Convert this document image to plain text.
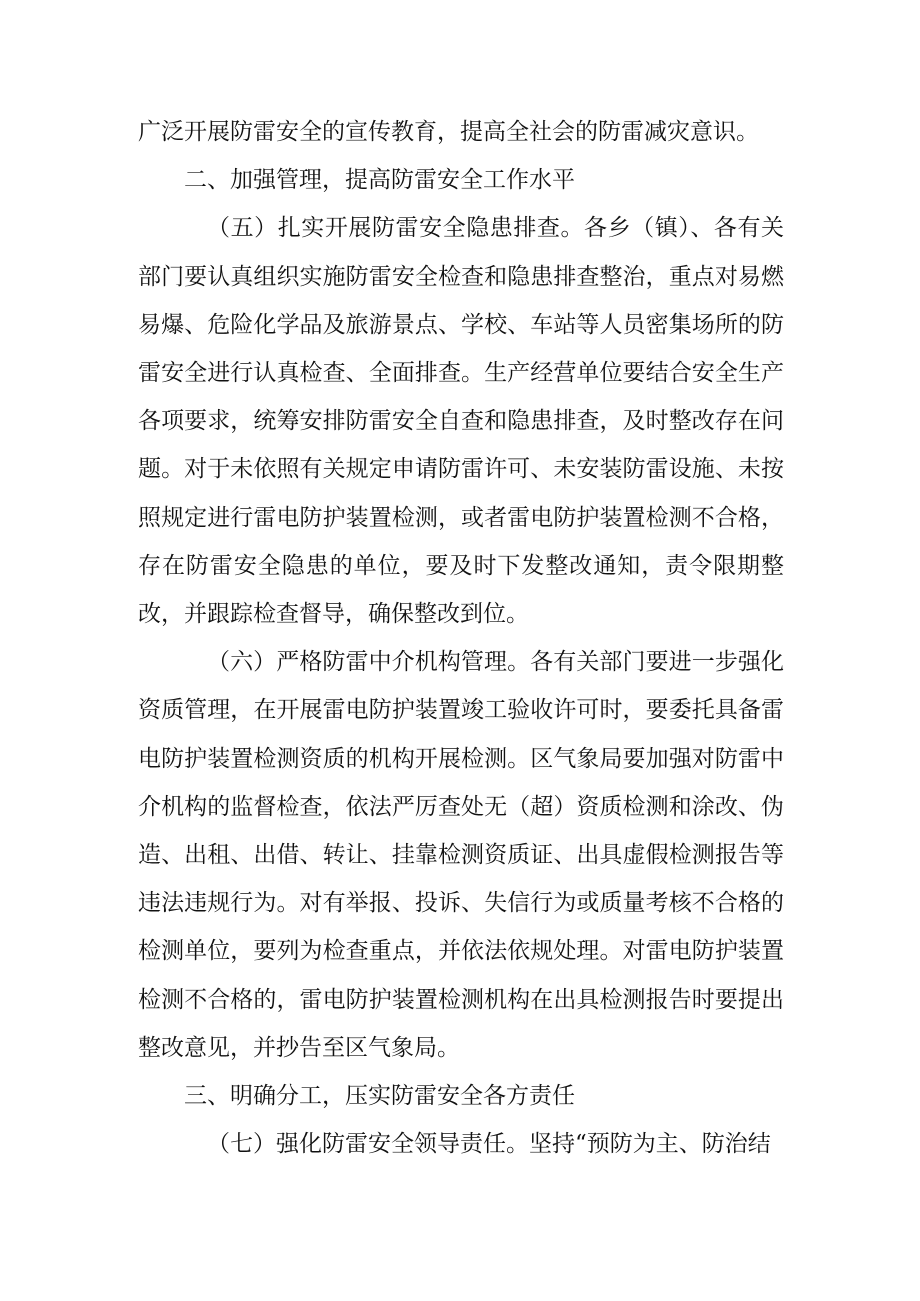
广泛开展防雷安全的宣传教育，提高全社会的防雷减灾意识。

二、加强管理，提高防雷安全工作水平

（五）扎实开展防雷安全隐患排查。各乡（镇）、各有关部门要认真组织实施防雷安全检查和隐患排查整治，重点对易燃易爆、危险化学品及旅游景点、学校、车站等人员密集场所的防雷安全进行认真检查、全面排查。生产经营单位要结合安全生产各项要求，统筹安排防雷安全自查和隐患排查，及时整改存在问题。对于未依照有关规定申请防雷许可、未安装防雷设施、未按照规定进行雷电防护装置检测，或者雷电防护装置检测不合格，存在防雷安全隐患的单位，要及时下发整改通知，责令限期整改，并跟踪检查督导，确保整改到位。

（六）严格防雷中介机构管理。各有关部门要进一步强化资质管理，在开展雷电防护装置竣工验收许可时，要委托具备雷电防护装置检测资质的机构开展检测。区气象局要加强对防雷中介机构的监督检查，依法严厉查处无（超）资质检测和涂改、伪造、出租、出借、转让、挂靠检测资质证、出具虚假检测报告等违法违规行为。对有举报、投诉、失信行为或质量考核不合格的检测单位，要列为检查重点，并依法依规处理。对雷电防护装置检测不合格的，雷电防护装置检测机构在出具检测报告时要提出整改意见，并抄告至区气象局。

三、明确分工，压实防雷安全各方责任

（七）强化防雷安全领导责任。坚持“预防为主、防治结
